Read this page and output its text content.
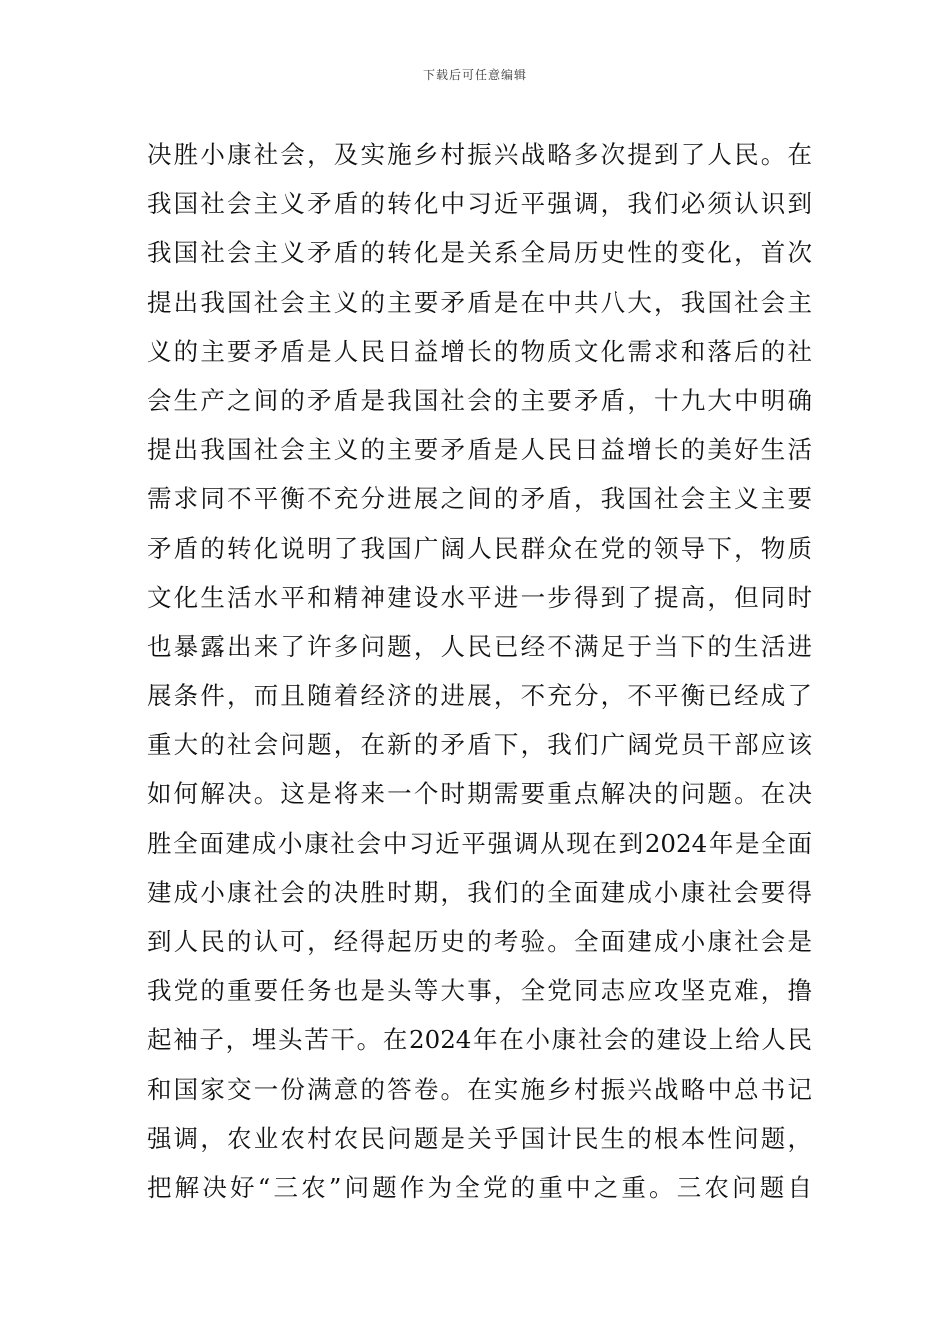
下载后可任意编辑
决胜小康社会，及实施乡村振兴战略多次提到了人民。在
我国社会主义矛盾的转化中习近平强调，我们必须认识到
我国社会主义矛盾的转化是关系全局历史性的变化，首次
提出我国社会主义的主要矛盾是在中共八大，我国社会主
义的主要矛盾是人民日益增长的物质文化需求和落后的社
会生产之间的矛盾是我国社会的主要矛盾，十九大中明确
提出我国社会主义的主要矛盾是人民日益增长的美好生活
需求同不平衡不充分进展之间的矛盾，我国社会主义主要
矛盾的转化说明了我国广阔人民群众在党的领导下，物质
文化生活水平和精神建设水平进一步得到了提高，但同时
也暴露出来了许多问题，人民已经不满足于当下的生活进
展条件，而且随着经济的进展，不充分，不平衡已经成了
重大的社会问题，在新的矛盾下，我们广阔党员干部应该
如何解决。这是将来一个时期需要重点解决的问题。在决
胜全面建成小康社会中习近平强调从现在到2024年是全面
建成小康社会的决胜时期，我们的全面建成小康社会要得
到人民的认可，经得起历史的考验。全面建成小康社会是
我党的重要任务也是头等大事，全党同志应攻坚克难，撸
起袖子，埋头苦干。在2024年在小康社会的建设上给人民
和国家交一份满意的答卷。在实施乡村振兴战略中总书记
强调，农业农村农民问题是关乎国计民生的根本性问题，
把解决好“三农”问题作为全党的重中之重。三农问题自
